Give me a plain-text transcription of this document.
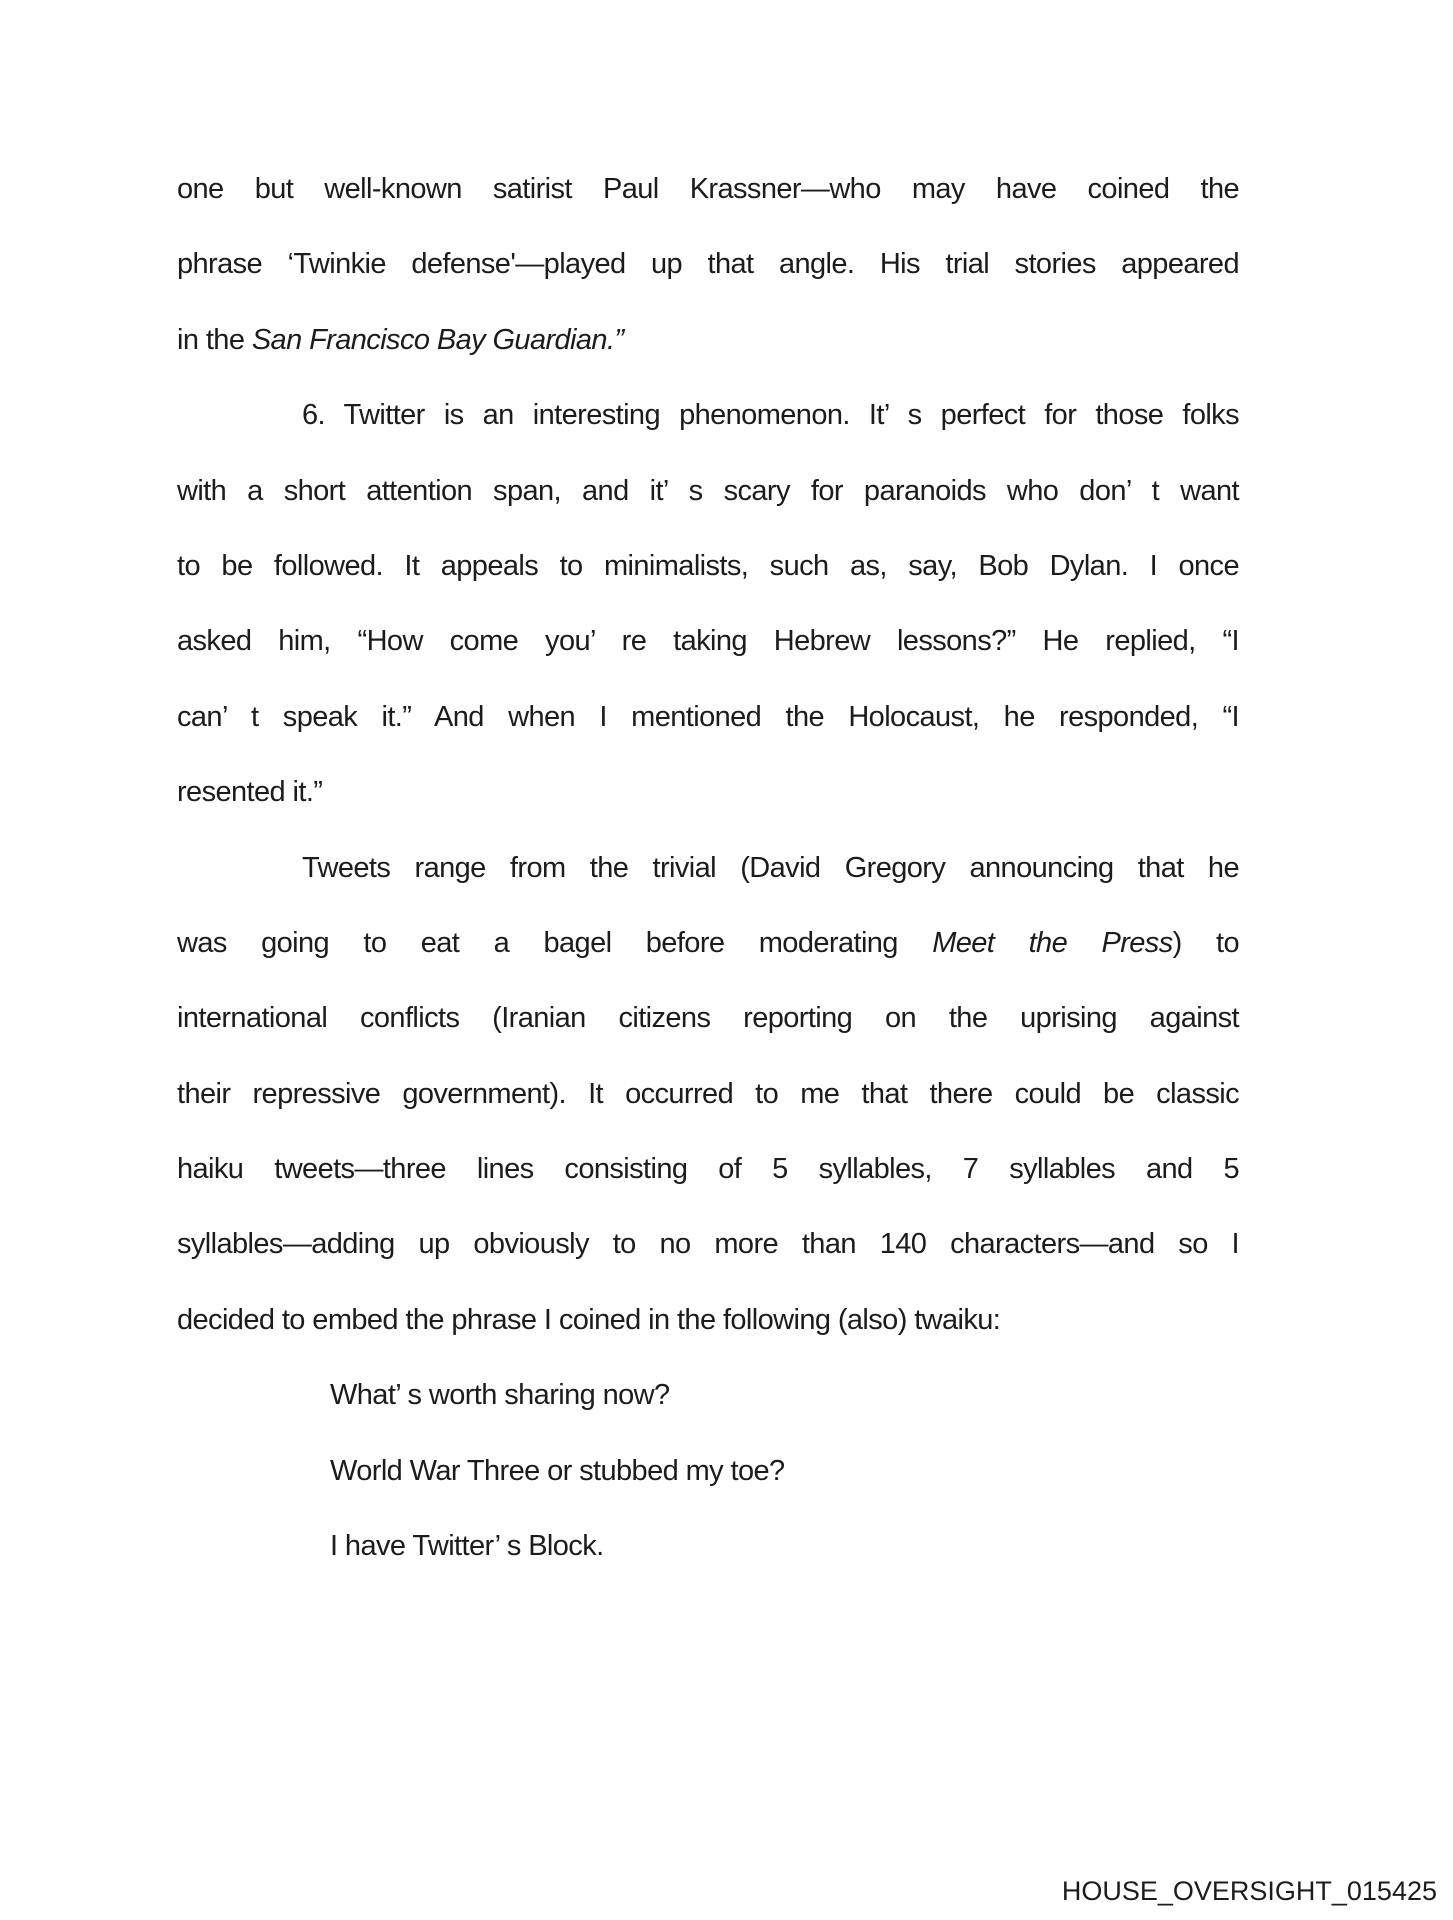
one but well-known satirist Paul Krassner—who may have coined the
phrase ‘Twinkie defense'—played up that angle. His trial stories appeared
in the San Francisco Bay Guardian.”
6. Twitter is an interesting phenomenon. It’ s perfect for those folks
with a short attention span, and it’ s scary for paranoids who don’ t want
to be followed. It appeals to minimalists, such as, say, Bob Dylan. I once
asked him, “How come you’ re taking Hebrew lessons?” He replied, “I
can’ t speak it.” And when I mentioned the Holocaust, he responded, “I
resented it.”
Tweets range from the trivial (David Gregory announcing that he
was going to eat a bagel before moderating Meet the Press) to
international conflicts (Iranian citizens reporting on the uprising against
their repressive government). It occurred to me that there could be classic
haiku tweets—three lines consisting of 5 syllables, 7 syllables and 5
syllables—adding up obviously to no more than 140 characters—and so I
decided to embed the phrase I coined in the following (also) twaiku:
What’ s worth sharing now?
World War Three or stubbed my toe?
I have Twitter’ s Block.
HOUSE_OVERSIGHT_015425
